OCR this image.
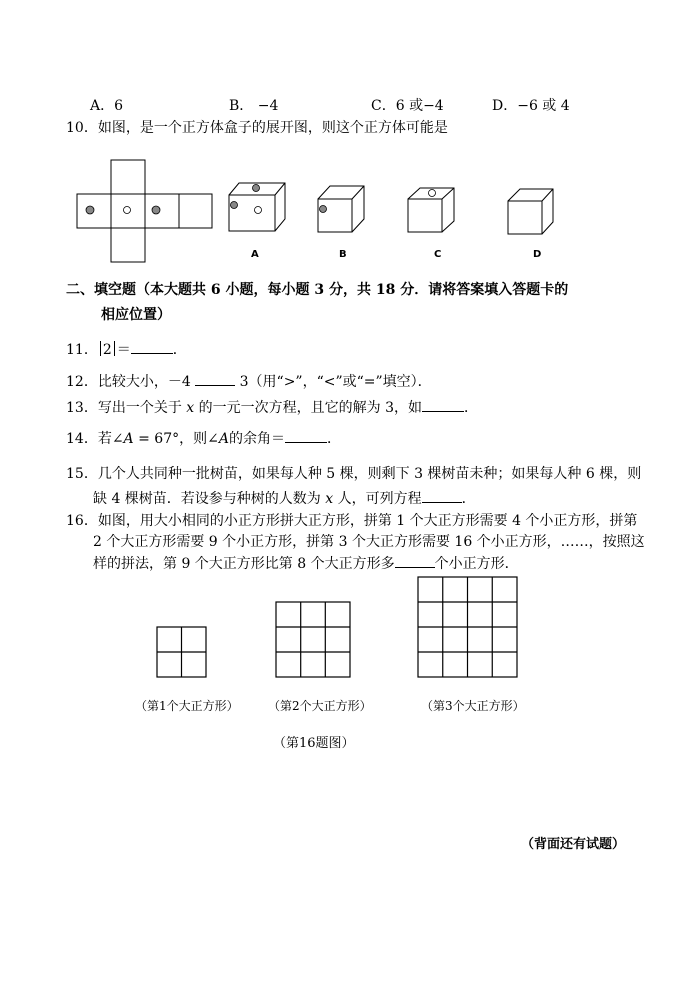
A．6	B． −4	C．6 或−4	D．−6 或 4
10．如图，是一个正方体盒子的展开图，则这个正方体可能是
A	B	C	D
二、填空题（本大题共 6 小题，每小题 3 分，共 18 分．请将答案填入答题卡的
相应位置）
11． 2 ＝	．
12．比较大小，－4	3（用“>”，“<”或“=”填空）．
13．写出一个关于 x 的一元一次方程，且它的解为 3，如	．
14．若∠A = 67°，则∠A的余角＝	．
15．几个人共同种一批树苗，如果每人种 5 棵，则剩下 3 棵树苗未种；如果每人种 6 棵，则
缺 4 棵树苗．若设参与种树的人数为 x 人，可列方程	．
16．如图，用大小相同的小正方形拼大正方形，拼第 1 个大正方形需要 4 个小正方形，拼第
2 个大正方形需要 9 个小正方形，拼第 3 个大正方形需要 16 个小正方形，……，按照这
样的拼法，第 9 个大正方形比第 8 个大正方形多	个小正方形．
（第1个大正方形） （第2个大正方形）	（第3个大正方形）
（第16题图）
（背面还有试题）
